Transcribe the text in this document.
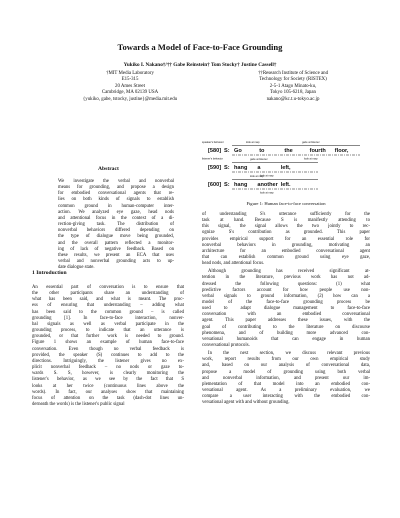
Towards a Model of Face-to-Face Grounding
Yukiko I. Nakano†/†† Gabe Reinstein† Tom Stocky† Justine Cassell†
†MIT Media Laboratory
E15-315
20 Ames Street
Cambridge, MA 02139 USA
{yukiko, gabe, tstocky, justine}@media.mit.edu
††Research Institute of Science and
Technology for Society (RISTEX)
2-5-1 Atago Minato-ku,
Tokyo 105-6218, Japan
nakano@kc.t.u-tokyo.ac.jp
Abstract
We investigate the verbal and nonverbal
means for grounding, and propose a design
for embodied conversational agents that re-
lies on both kinds of signals to establish
common ground in human-computer inter-
action. We analyzed eye gaze, head nods
and attentional focus in the context of a di-
rection-giving task. The distribution of
nonverbal behaviors differed depending on
the type of dialogue move being grounded,
and the overall pattern reflected a monitor-
ing of lack of negative feedback. Based on
these results, we present an ECA that uses
verbal and nonverbal grounding acts to up-
date dialogue state.
1 Introduction
An essential part of conversation is to ensure that
the other participants share an understanding of
what has been said, and what is meant. The proc-
ess of ensuring that understanding – adding what
has been said to the common ground – is called
grounding [1]. In face-to-face interaction, nonver-
bal signals as well as verbal participate in the
grounding process, to indicate that an utterance is
grounded, or that further work is needed to ground.
Figure 1 shows an example of human face-to-face
conversation. Even though no verbal feedback is
provided, the speaker (S) continues to add to the
directions. Intriguingly, the listener gives no ex-
plicit nonverbal feedback – no nods or gaze to-
wards S. S, however, is clearly monitoring the
listener's behavior, as we see by the fact that S
looks at her twice (continuous lines above the
words). In fact, our analyses show that maintaining
focus of attention on the task (dash-dot lines un-
derneath the words) is the listener's public signal
[580] S: Go	to	the	fourth floor,
speaker's behavior	look at map	gaze at listener
listener's behavior	look at map
[590] S: hang a	left,
gaze at listener
look at map
[600] S: hang another left.
look at map
look at map
Figure 1: Human face-to-face conversation
of understanding S's utterance sufficiently for the
task at hand. Because S is manifestly attending to
this signal, the signal allows the two jointly to rec-
ognize S's contribution as grounded. This paper
provides empirical support for an essential role for
nonverbal behaviors in grounding, motivating an
architecture for an embodied conversational agent
that can establish common ground using eye gaze,
head nods, and attentional focus.
Although grounding has received significant at-
tention in the literature, previous work has not ad-
dressed the following questions: (1) what
predictive factors account for how people use non-
verbal signals to ground information, (2) how can a
model of the face-to-face grounding process be
used to adapt dialogue management to face-to-face
conversation with an embodied conversational
agent. This paper addresses these issues, with the
goal of contributing to the literature on discourse
phenomena, and of building more advanced con-
versational humanoids that can engage in human
conversational protocols.
In the next section, we discuss relevant previous
work, report results from our own empirical study
and, based on our analysis of conversational data,
propose a model of grounding using both verbal
and nonverbal information, and present our im-
plementation of that model into an embodied con-
versational agent. As a preliminary evaluation, we
compare a user interacting with the embodied con-
versational agent with and without grounding.
